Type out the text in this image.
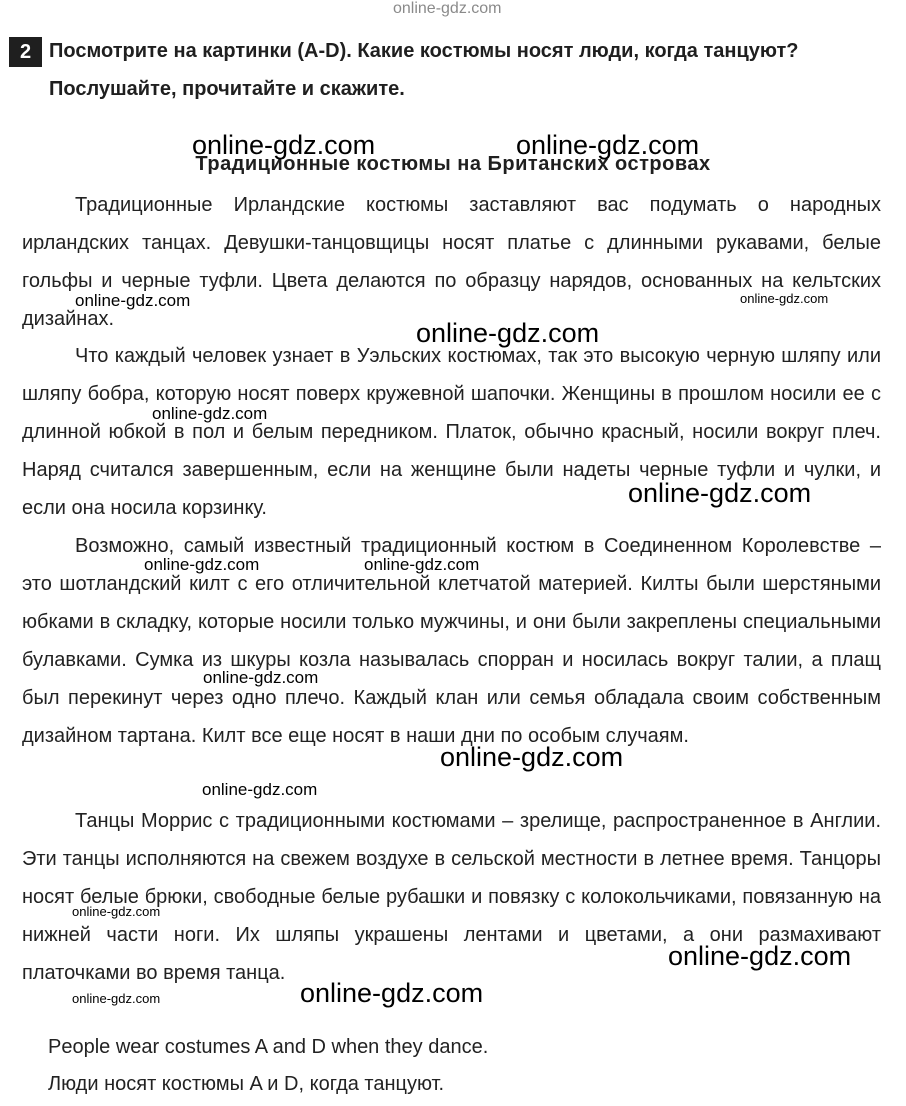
2 Посмотрите на картинки (A-D). Какие костюмы носят люди, когда танцуют?
Послушайте, прочитайте и скажите.
Традиционные костюмы на Британских островах

Традиционные Ирландские костюмы заставляют вас подумать о народных ирландских танцах. Девушки-танцовщицы носят платье с длинными рукавами, белые гольфы и черные туфли. Цвета делаются по образцу нарядов, основанных на кельтских дизайнах.

Что каждый человек узнает в Уэльских костюмах, так это высокую черную шляпу или шляпу бобра, которую носят поверх кружевной шапочки. Женщины в прошлом носили ее с длинной юбкой в пол и белым передником. Платок, обычно красный, носили вокруг плеч. Наряд считался завершенным, если на женщине были надеты черные туфли и чулки, и если она носила корзинку.

Возможно, самый известный традиционный костюм в Соединенном Королевстве – это шотландский килт с его отличительной клетчатой материей. Килты были шерстяными юбками в складку, которые носили только мужчины, и они были закреплены специальными булавками. Сумка из шкуры козла называлась спорран и носилась вокруг талии, а плащ был перекинут через одно плечо. Каждый клан или семья обладала своим собственным дизайном тартана. Килт все еще носят в наши дни по особым случаям.

Танцы Моррис с традиционными костюмами – зрелище, распространенное в Англии. Эти танцы исполняются на свежем воздухе в сельской местности в летнее время. Танцоры носят белые брюки, свободные белые рубашки и повязку с колокольчиками, повязанную на нижней части ноги. Их шляпы украшены лентами и цветами, а они размахивают платочками во время танца.

People wear costumes A and D when they dance.
Люди носят костюмы A и D, когда танцуют.
online-gdz.com
online-gdz.com	online-gdz.com
online-gdz.com	online-gdz.com
online-gdz.com
online-gdz.com
online-gdz.com
online-gdz.com	online-gdz.com
online-gdz.com
online-gdz.com
online-gdz.com
online-gdz.com
online-gdz.com
online-gdz.com	online-gdz.com
